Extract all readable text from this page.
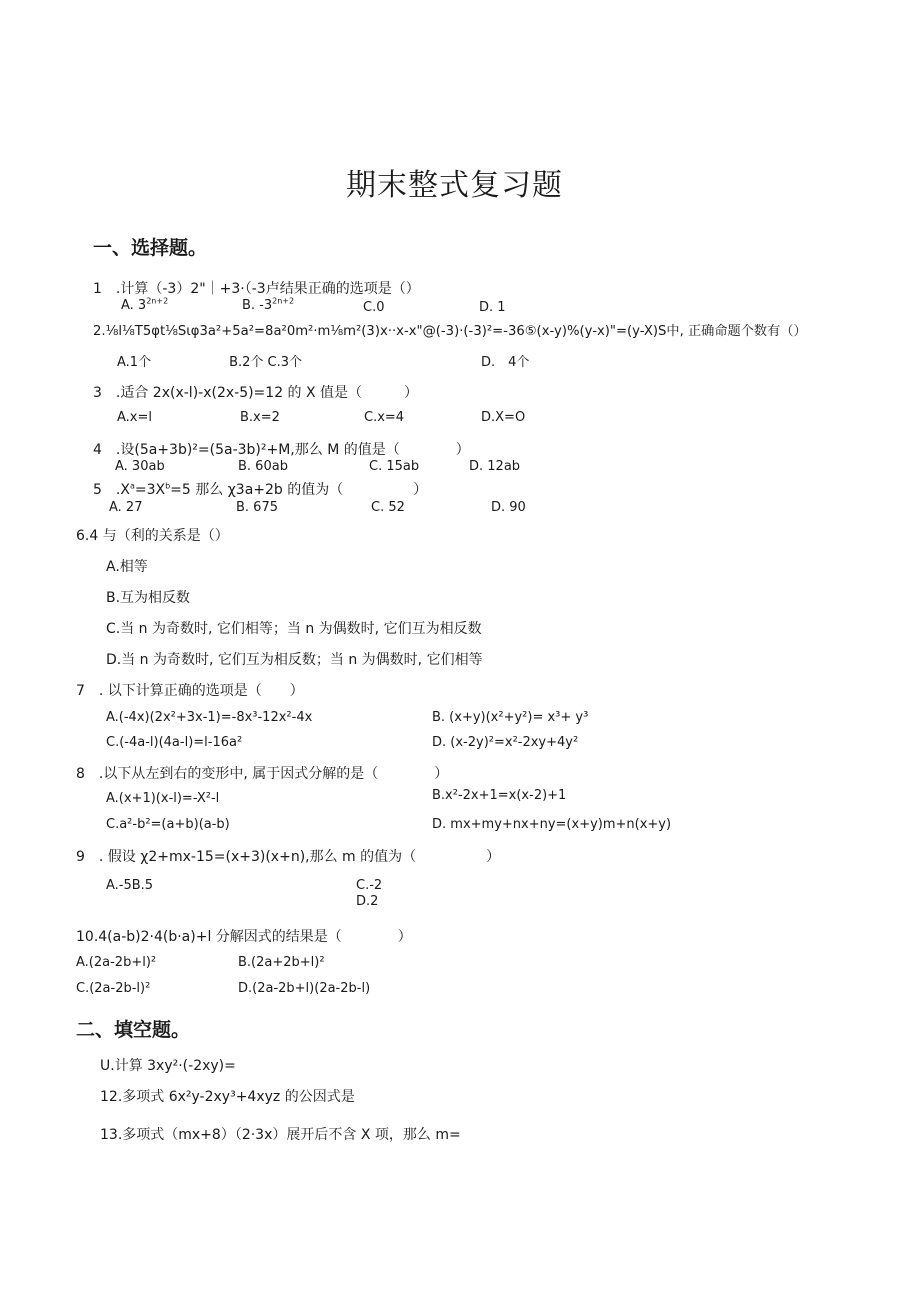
期末整式复习题
一、选择题。
1　.计算（-3）2"｜+3·（-3卢结果正确的选项是（）
A. $3^{2n+2}$	B. $-3^{2n+2}$	C.0	D. 1
2.⅛l⅛T5φt⅛Sιφ3a²+5a²=8a²0m²·m⅛m²(3)x··x-x"@(-3)·(-3)²=-36⑤(x-y)%(y-x)"=(y-X)S中, 正确命题个数有（）
A.1个　　　　　　B.2个 C.3个	D.　4个
3　.适合 2x(x-l)-x(2x-5)=12 的 X 值是（　　　）
A.x=l	B.x=2	C.x=4	D.X=O
4　.设(5a+3b)²=(5a-3b)²+M,那么 M 的值是（　　　　）
A. 30ab	B. 60ab	C. 15ab	D. 12ab
5　$.X^a=3X^b=5$ 那么 χ3a+2b 的值为（　　　　　）
A. 27	B. 675	C. 52	D. 90
6.4 与（利的关系是（）
A.相等
B.互为相反数
C.当 n 为奇数时, 它们相等；当 n 为偶数时, 它们互为相反数
D.当 n 为奇数时, 它们互为相反数；当 n 为偶数时, 它们相等
7　. 以下计算正确的选项是（　　）
A.(-4x)(2x²+3x-1)=-8x³-12x²-4x	B. (x+y)(x²+y²)= x³+ y³
C.(-4a-l)(4a-l)=l-16a²	D. (x-2y)²=x²-2xy+4y²
8　.以下从左到右的变形中, 属于因式分解的是（　　　　）
A.(x+1)(x-l)=-X²-l	B.x²-2x+1=x(x-2)+1
C.a²-b²=(a+b)(a-b)	D. mx+my+nx+ny=(x+y)m+n(x+y)
9　. 假设 χ2+mx-15=(x+3)(x+n),那么 m 的值为（　　　　　）
A.-5B.5	C.-2
D.2
10.4(a-b)2·4(b·a)+l 分解因式的结果是（　　　　）
A.(2a-2b+l)²	B.(2a+2b+l)²
C.(2a-2b-l)²	D.(2a-2b+l)(2a-2b-l)
二、填空题。
U.计算 3xy²·(-2xy)=
12.多项式 6x²y-2xy³+4xyz 的公因式是
13.多项式（mx+8）（2·3x）展开后不含 X 项，那么 m=
